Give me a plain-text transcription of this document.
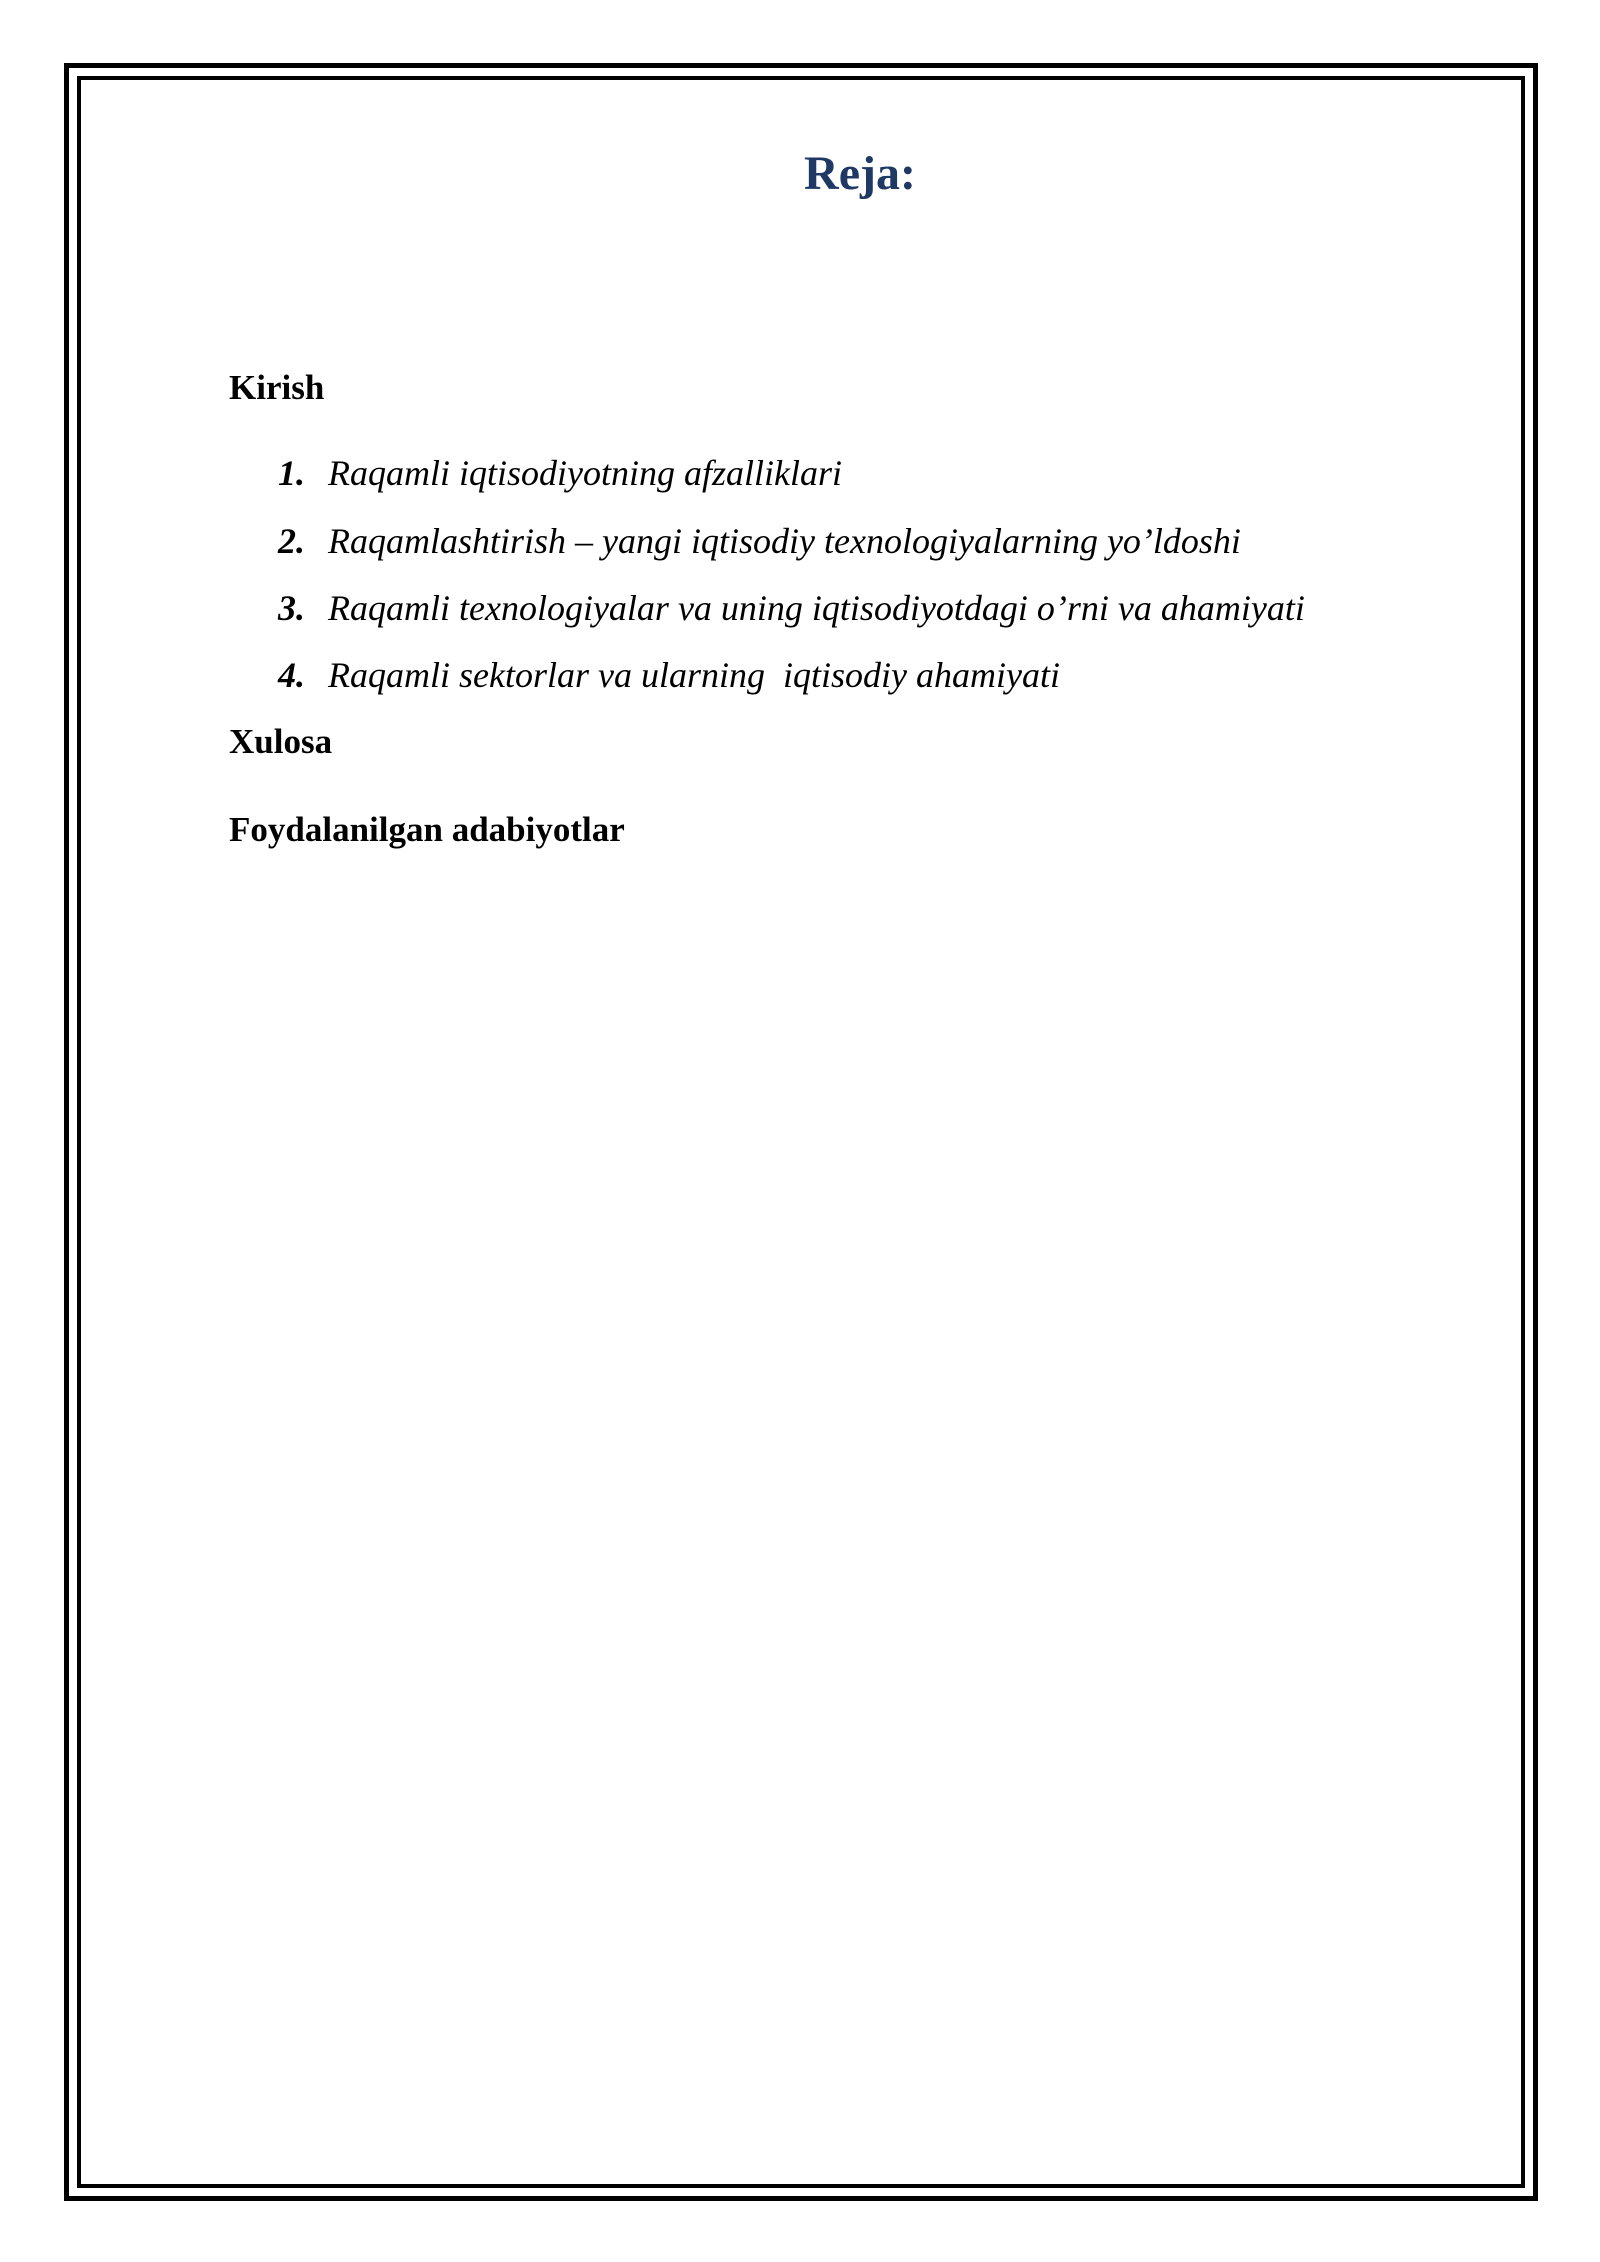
Reja:
Kirish
1. Raqamli iqtisodiyotning afzalliklari
2. Raqamlashtirish – yangi iqtisodiy texnologiyalarning yo’ldoshi
3. Raqamli texnologiyalar va uning iqtisodiyotdagi o’rni va ahamiyati
4. Raqamli sektorlar va ularning  iqtisodiy ahamiyati
Xulosa
Foydalanilgan adabiyotlar
